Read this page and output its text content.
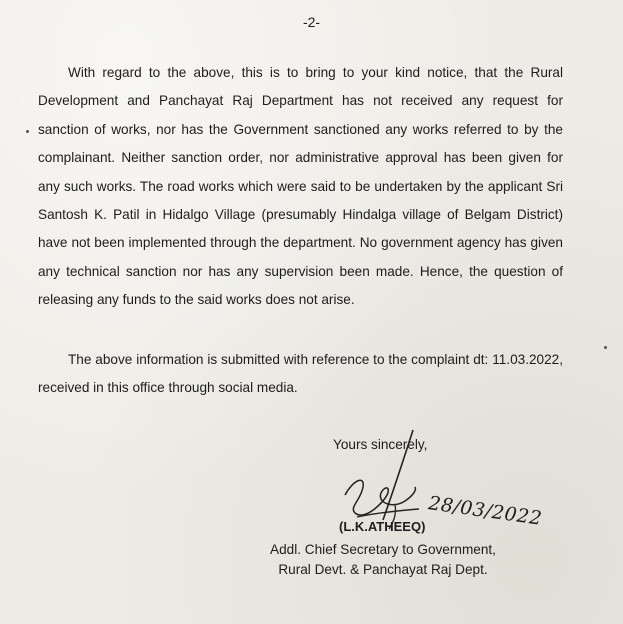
-2-

With regard to the above, this is to bring to your kind notice, that the Rural Development and Panchayat Raj Department has not received any request for sanction of works, nor has the Government sanctioned any works referred to by the complainant. Neither sanction order, nor administrative approval has been given for any such works. The road works which were said to be undertaken by the applicant Sri Santosh K. Patil in Hidalgo Village (presumably Hindalga village of Belgam District) have not been implemented through the department. No government agency has given any technical sanction nor has any supervision been made. Hence, the question of releasing any funds to the said works does not arise.

The above information is submitted with reference to the complaint dt: 11.03.2022, received in this office through social media.

Yours sincerely,
28/03/2022
(L.K.ATHEEQ)
Addl. Chief Secretary to Government,
Rural Devt. & Panchayat Raj Dept.
